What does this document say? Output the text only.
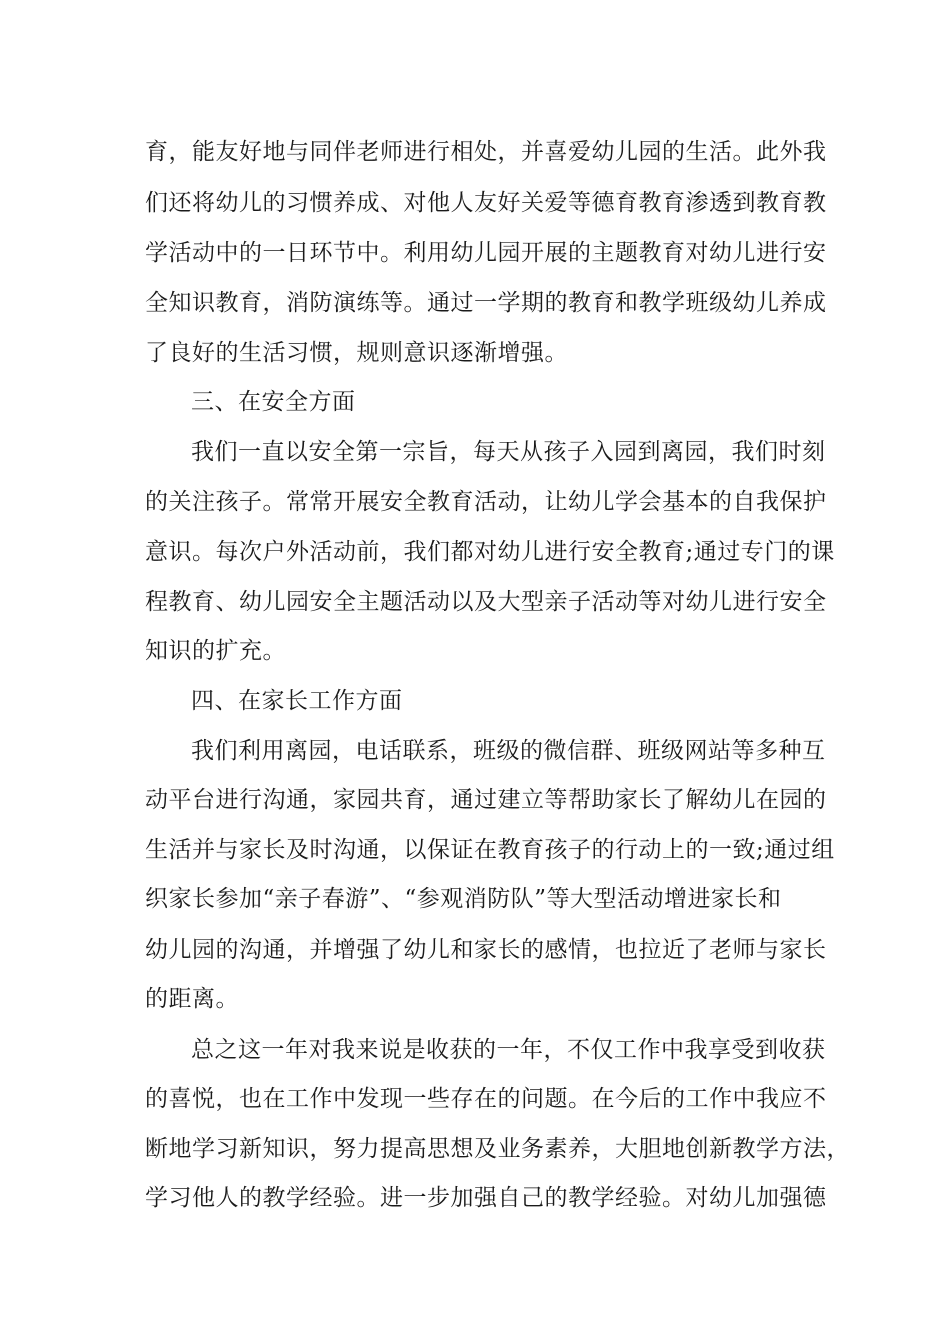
育，能友好地与同伴老师进行相处，并喜爱幼儿园的生活。此外我

们还将幼儿的习惯养成、对他人友好关爱等德育教育渗透到教育教

学活动中的一日环节中。利用幼儿园开展的主题教育对幼儿进行安

全知识教育，消防演练等。通过一学期的教育和教学班级幼儿养成

了良好的生活习惯，规则意识逐渐增强。

三、在安全方面

我们一直以安全第一宗旨，每天从孩子入园到离园，我们时刻

的关注孩子。常常开展安全教育活动，让幼儿学会基本的自我保护

意识。每次户外活动前，我们都对幼儿进行安全教育;通过专门的课

程教育、幼儿园安全主题活动以及大型亲子活动等对幼儿进行安全

知识的扩充。

四、在家长工作方面

我们利用离园，电话联系，班级的微信群、班级网站等多种互

动平台进行沟通，家园共育，通过建立等帮助家长了解幼儿在园的

生活并与家长及时沟通，以保证在教育孩子的行动上的一致;通过组

织家长参加“亲子春游”、“参观消防队”等大型活动增进家长和

幼儿园的沟通，并增强了幼儿和家长的感情，也拉近了老师与家长

的距离。

总之这一年对我来说是收获的一年，不仅工作中我享受到收获

的喜悦，也在工作中发现一些存在的问题。在今后的工作中我应不

断地学习新知识，努力提高思想及业务素养，大胆地创新教学方法，

学习他人的教学经验。进一步加强自己的教学经验。对幼儿加强德
